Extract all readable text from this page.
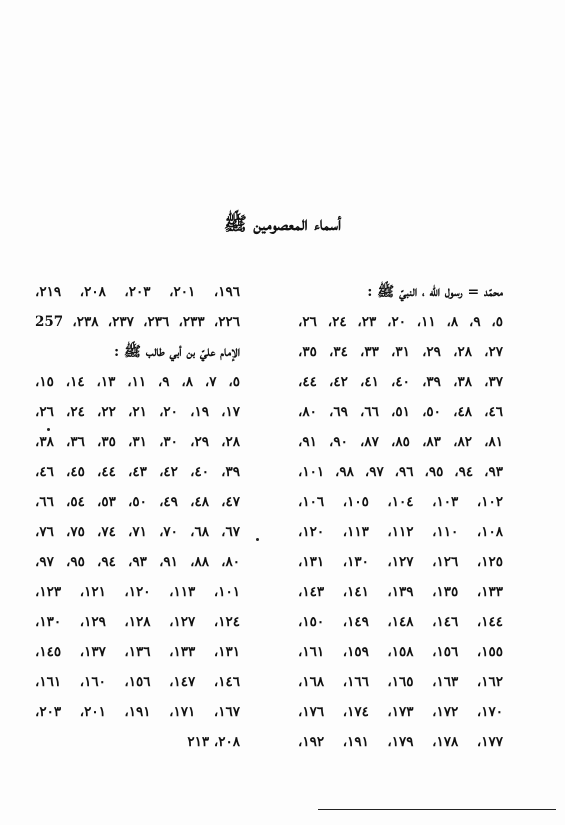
أسماء المعصومين ﷺ
محمّد = رسول الله ، النبيّ ﷺ :
٥، ٩، ٨، ١١، ٢٠، ٢٣، ٢٤، ٢٦،
٢٧، ٢٨، ٢٩، ٣١، ٣٣، ٣٤، ٣٥،
٣٧، ٣٨، ٣٩، ٤٠، ٤١، ٤٢، ٤٤،
٤٦، ٤٨، ٥٠، ٥١، ٦٦، ٦٩، ٨٠،
٨١، ٨٢، ٨٣، ٨٥، ٨٧، ٩٠، ٩١،
٩٣، ٩٤، ٩٥، ٩٦، ٩٧، ٩٨، ١٠١،
١٠٢، ١٠٣، ١٠٤، ١٠٥، ١٠٦،
١٠٨، ١١٠، ١١٢، ١١٣، ١٢٠،
١٢٥، ١٢٦، ١٢٧، ١٣٠، ١٣١،
١٣٣، ١٣٥، ١٣٩، ١٤١، ١٤٣،
١٤٤، ١٤٦، ١٤٨، ١٤٩، ١٥٠،
١٥٥، ١٥٦، ١٥٨، ١٥٩، ١٦١،
١٦٢، ١٦٣، ١٦٥، ١٦٦، ١٦٨،
١٧٠، ١٧٢، ١٧٣، ١٧٤، ١٧٦،
١٧٧، ١٧٨، ١٧٩، ١٩١، ١٩٢،
١٩٦، ٢٠١، ٢٠٣، ٢٠٨، ٢١٩،
٢٢٦، ٢٣٣، ٢٣٦، ٢٣٧، ٢٣٨، 257
الإمام عليّ بن أبي طالب ﷺ :
٥، ٧، ٨، ٩، ١١، ١٣، ١٤، ١٥،
١٧، ١٩، ٢٠، ٢١، ٢٢، ٢٤، ٢٦،
٢٨، ٢٩، ٣٠، ٣١، ٣٥، ٣٦، ٣٨،
٣٩، ٤٠، ٤٢، ٤٣، ٤٤، ٤٥، ٤٦،
٤٧، ٤٨، ٤٩، ٥٠، ٥٣، ٥٤، ٦٦،
٦٧، ٦٨، ٧٠، ٧١، ٧٤، ٧٥، ٧٦،
٨٠، ٨٨، ٩١، ٩٣، ٩٤، ٩٥، ٩٧،
١٠١، ١١٣، ١٢٠، ١٢١، ١٢٣،
١٢٤، ١٢٧، ١٢٨، ١٢٩، ١٣٠،
١٣١، ١٣٣، ١٣٦، ١٣٧، ١٤٥،
١٤٦، ١٤٧، ١٥٦، ١٦٠، ١٦١،
١٦٧، ١٧١، ١٩١، ٢٠١، ٢٠٣،
٢٠٨، ٢١٣
